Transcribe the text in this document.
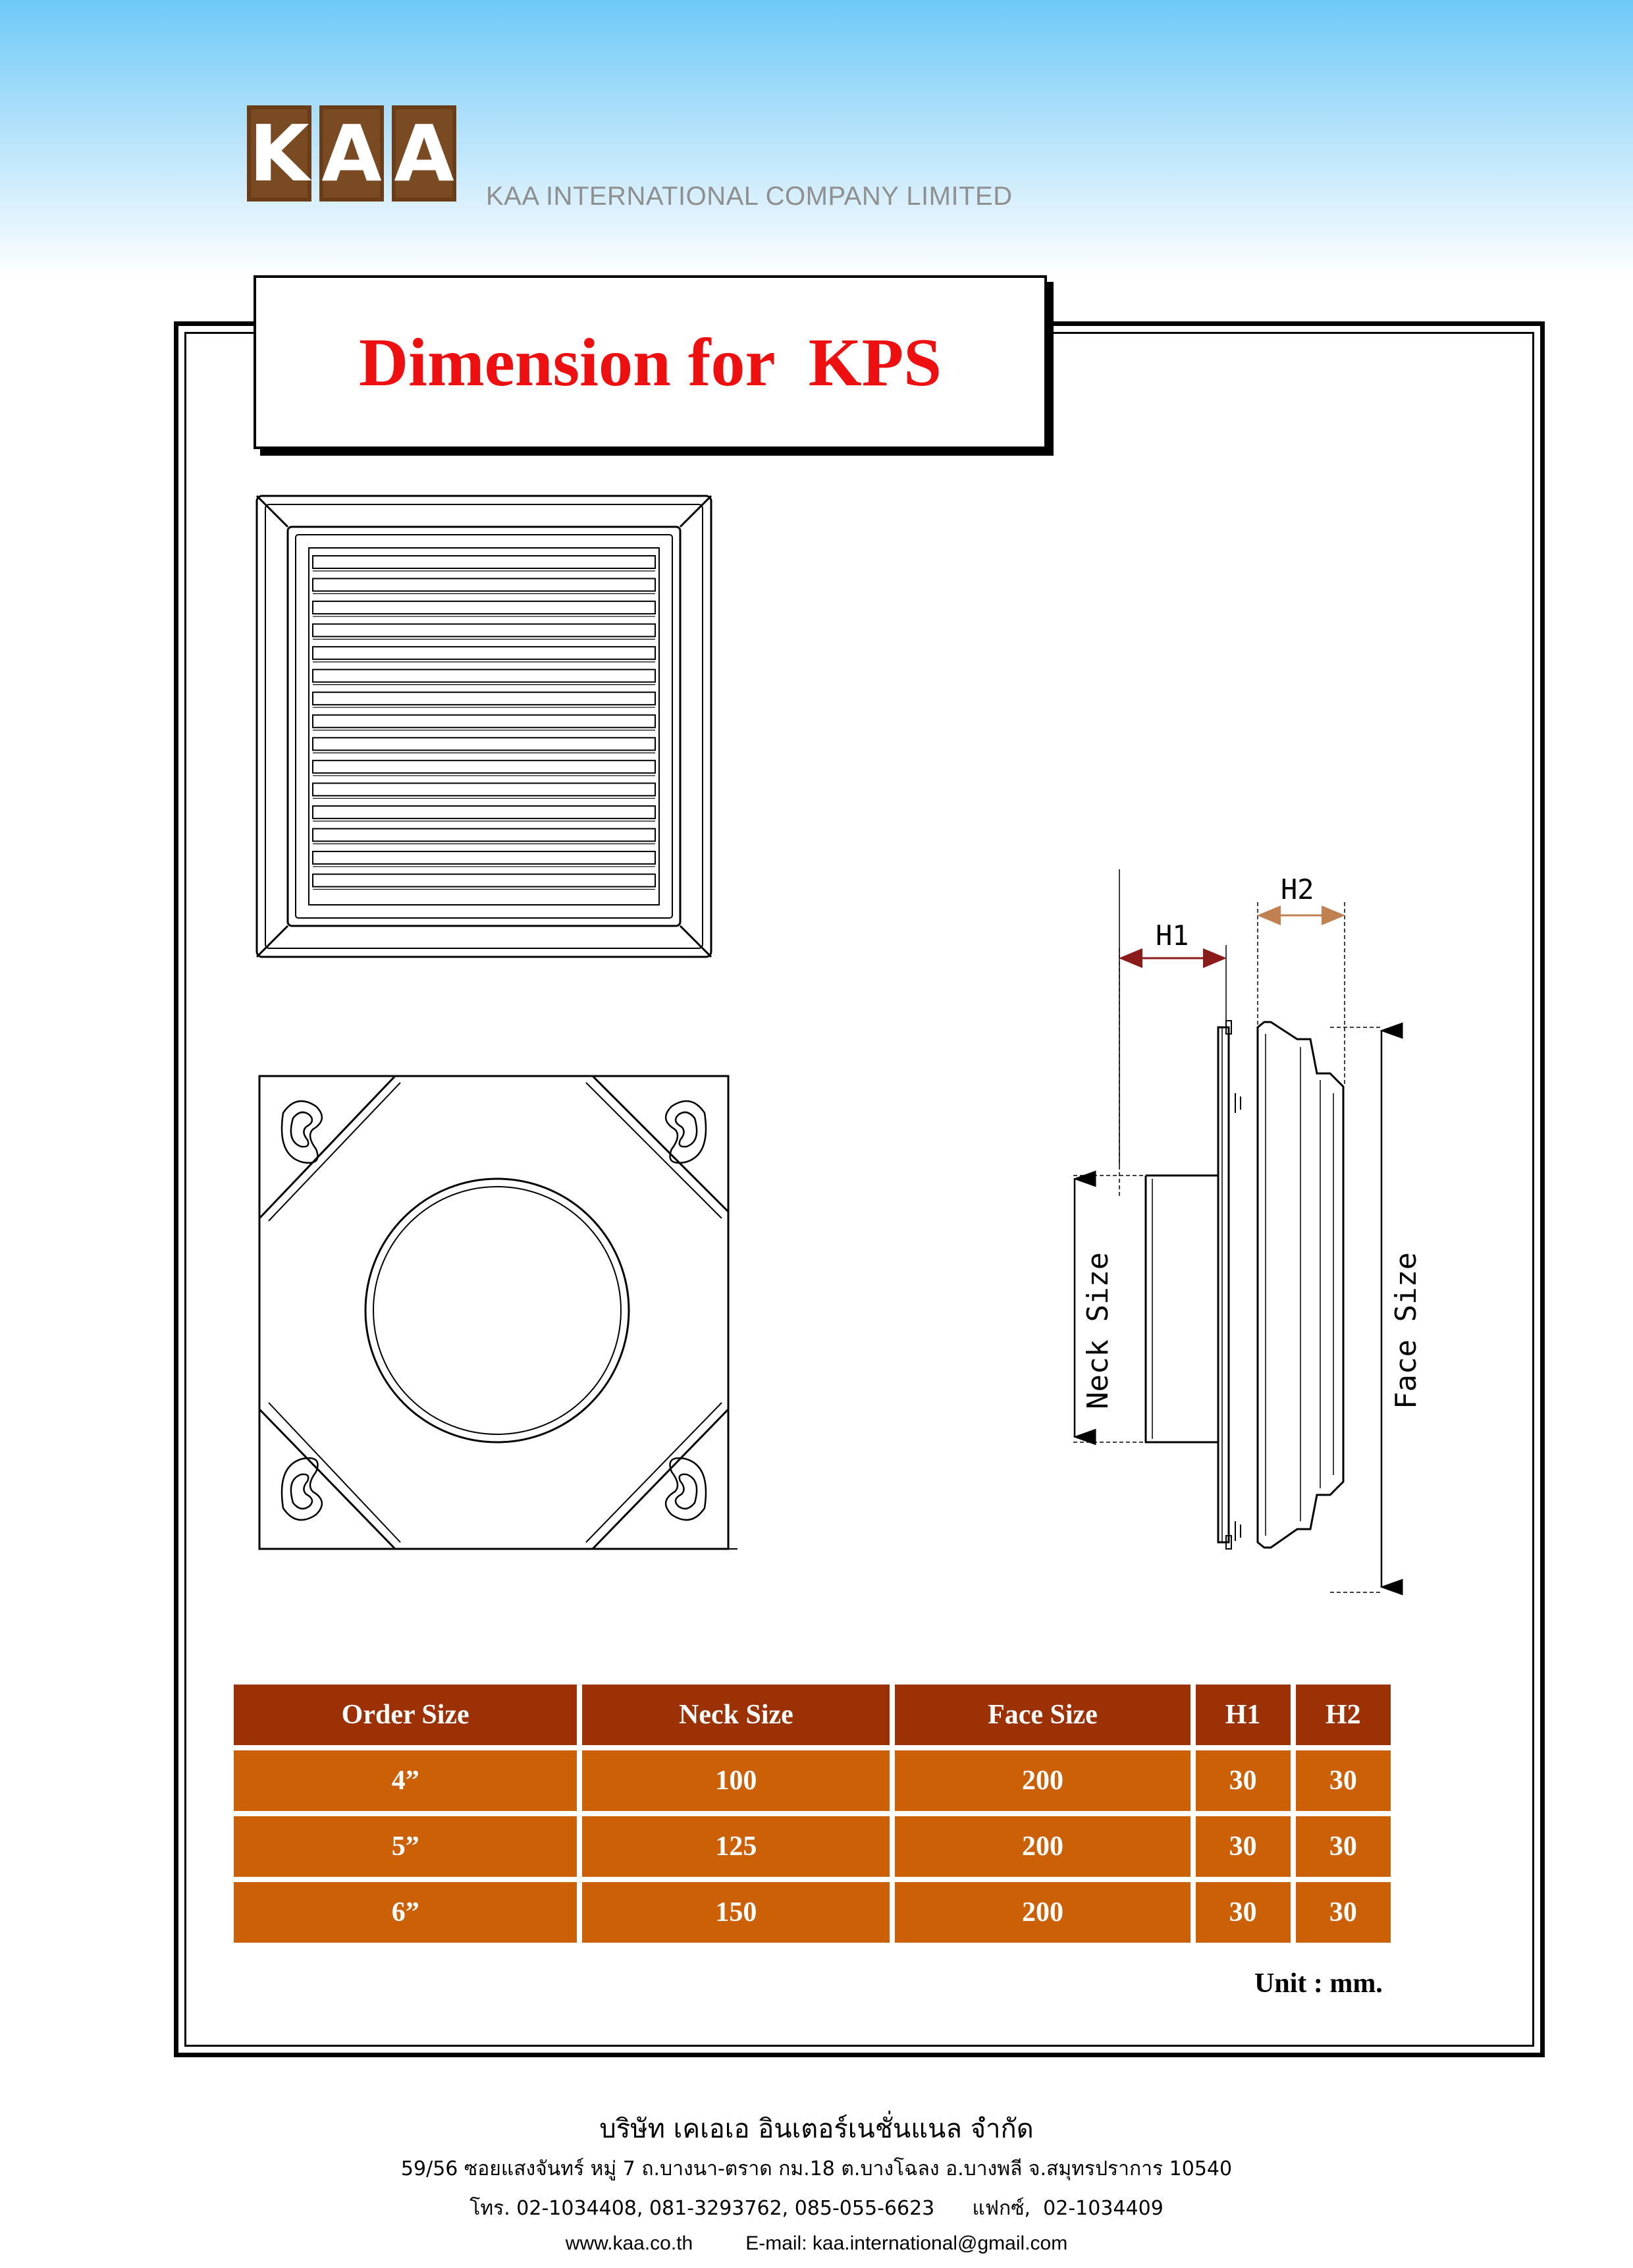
K A A KAA INTERNATIONAL COMPANY LIMITED
Dimension for  KPS
H1
H2
Neck Size	Face Size
Order Size	Neck Size	Face Size	H1	H2
4”	100	200	30	30
5”	125	200	30	30
6”	150	200	30	30
Unit : mm.
บริษัท เคเอเอ อินเตอร์เนชั่นแนล จำกัด
59/56 ซอยแสงจันทร์ หมู่ 7 ถ.บางนา-ตราด กม.18 ต.บางโฉลง อ.บางพลี จ.สมุทรปราการ 10540
โทร. 02-1034408, 081-3293762, 085-055-6623      แฟกซ์,  02-1034409
www.kaa.co.th	E-mail: kaa.international@gmail.com
